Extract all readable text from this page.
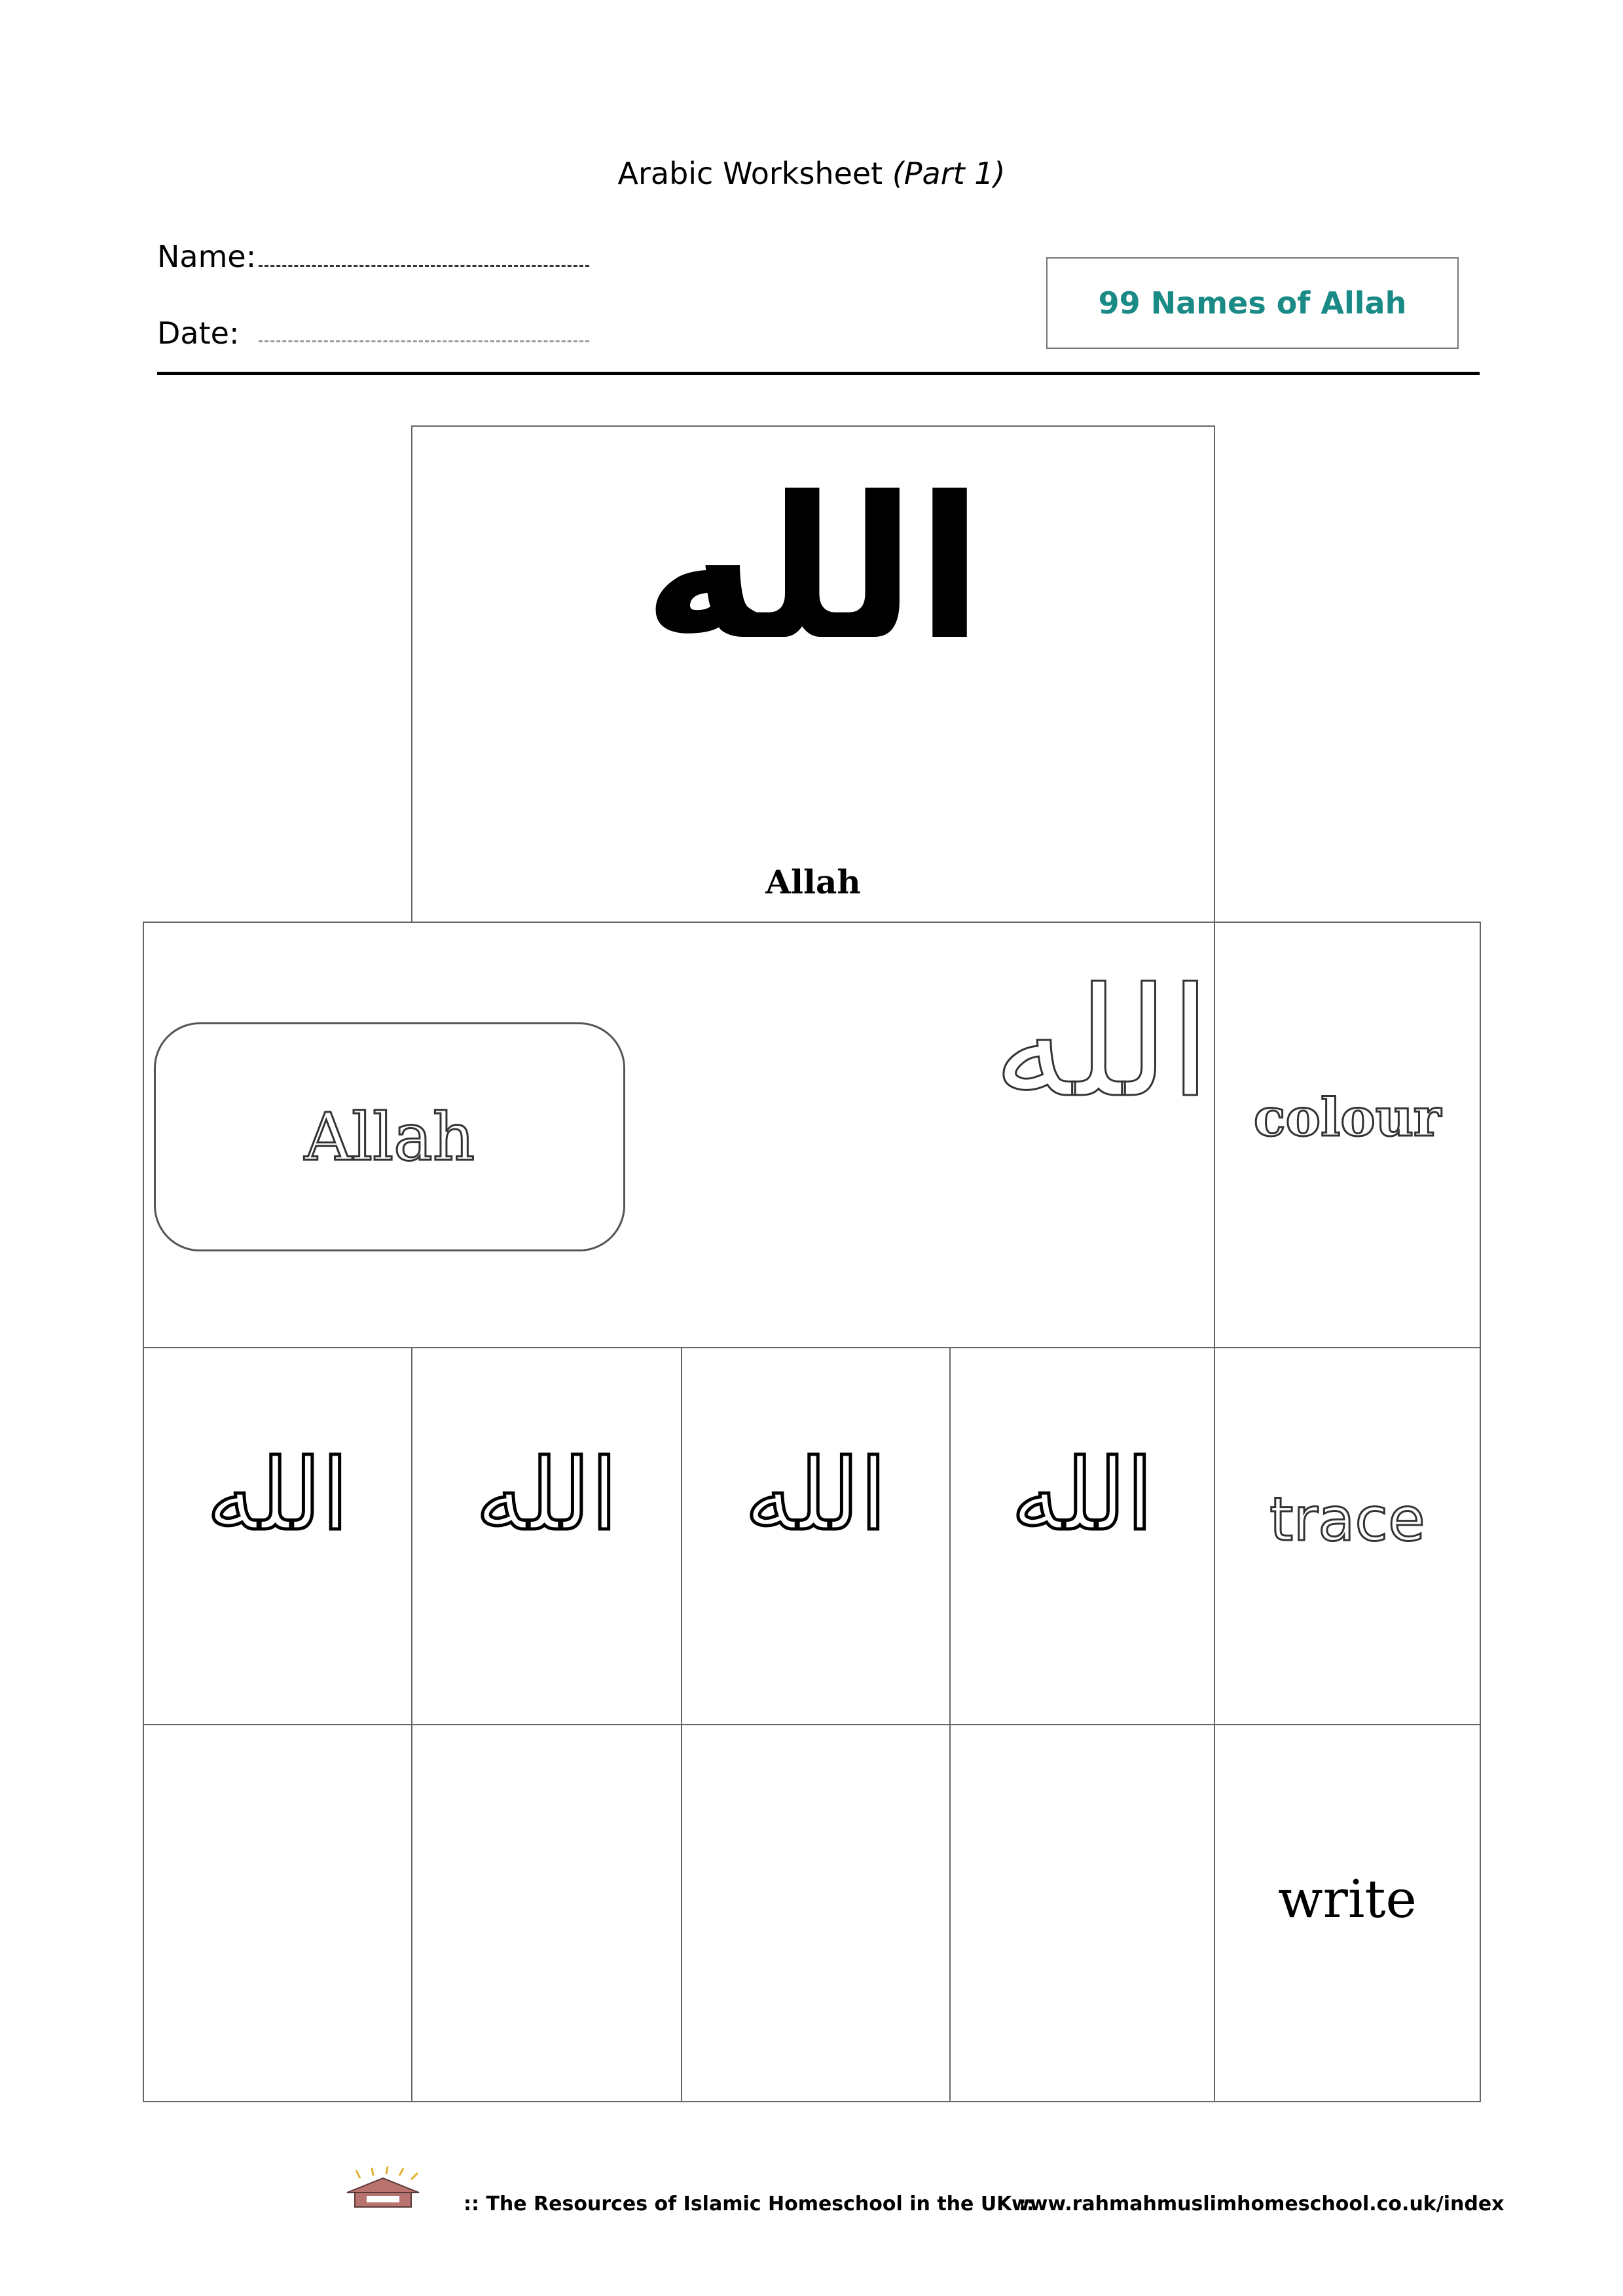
Arabic Worksheet (Part 1)
Name:
Date:
99 Names of Allah
الله
Allah
Allah
الله colour
الله	الله	الله	الله	trace
write
:: The Resources of Islamic Homeschool in the UK ::
www.rahmahmuslimhomeschool.co.uk/index
